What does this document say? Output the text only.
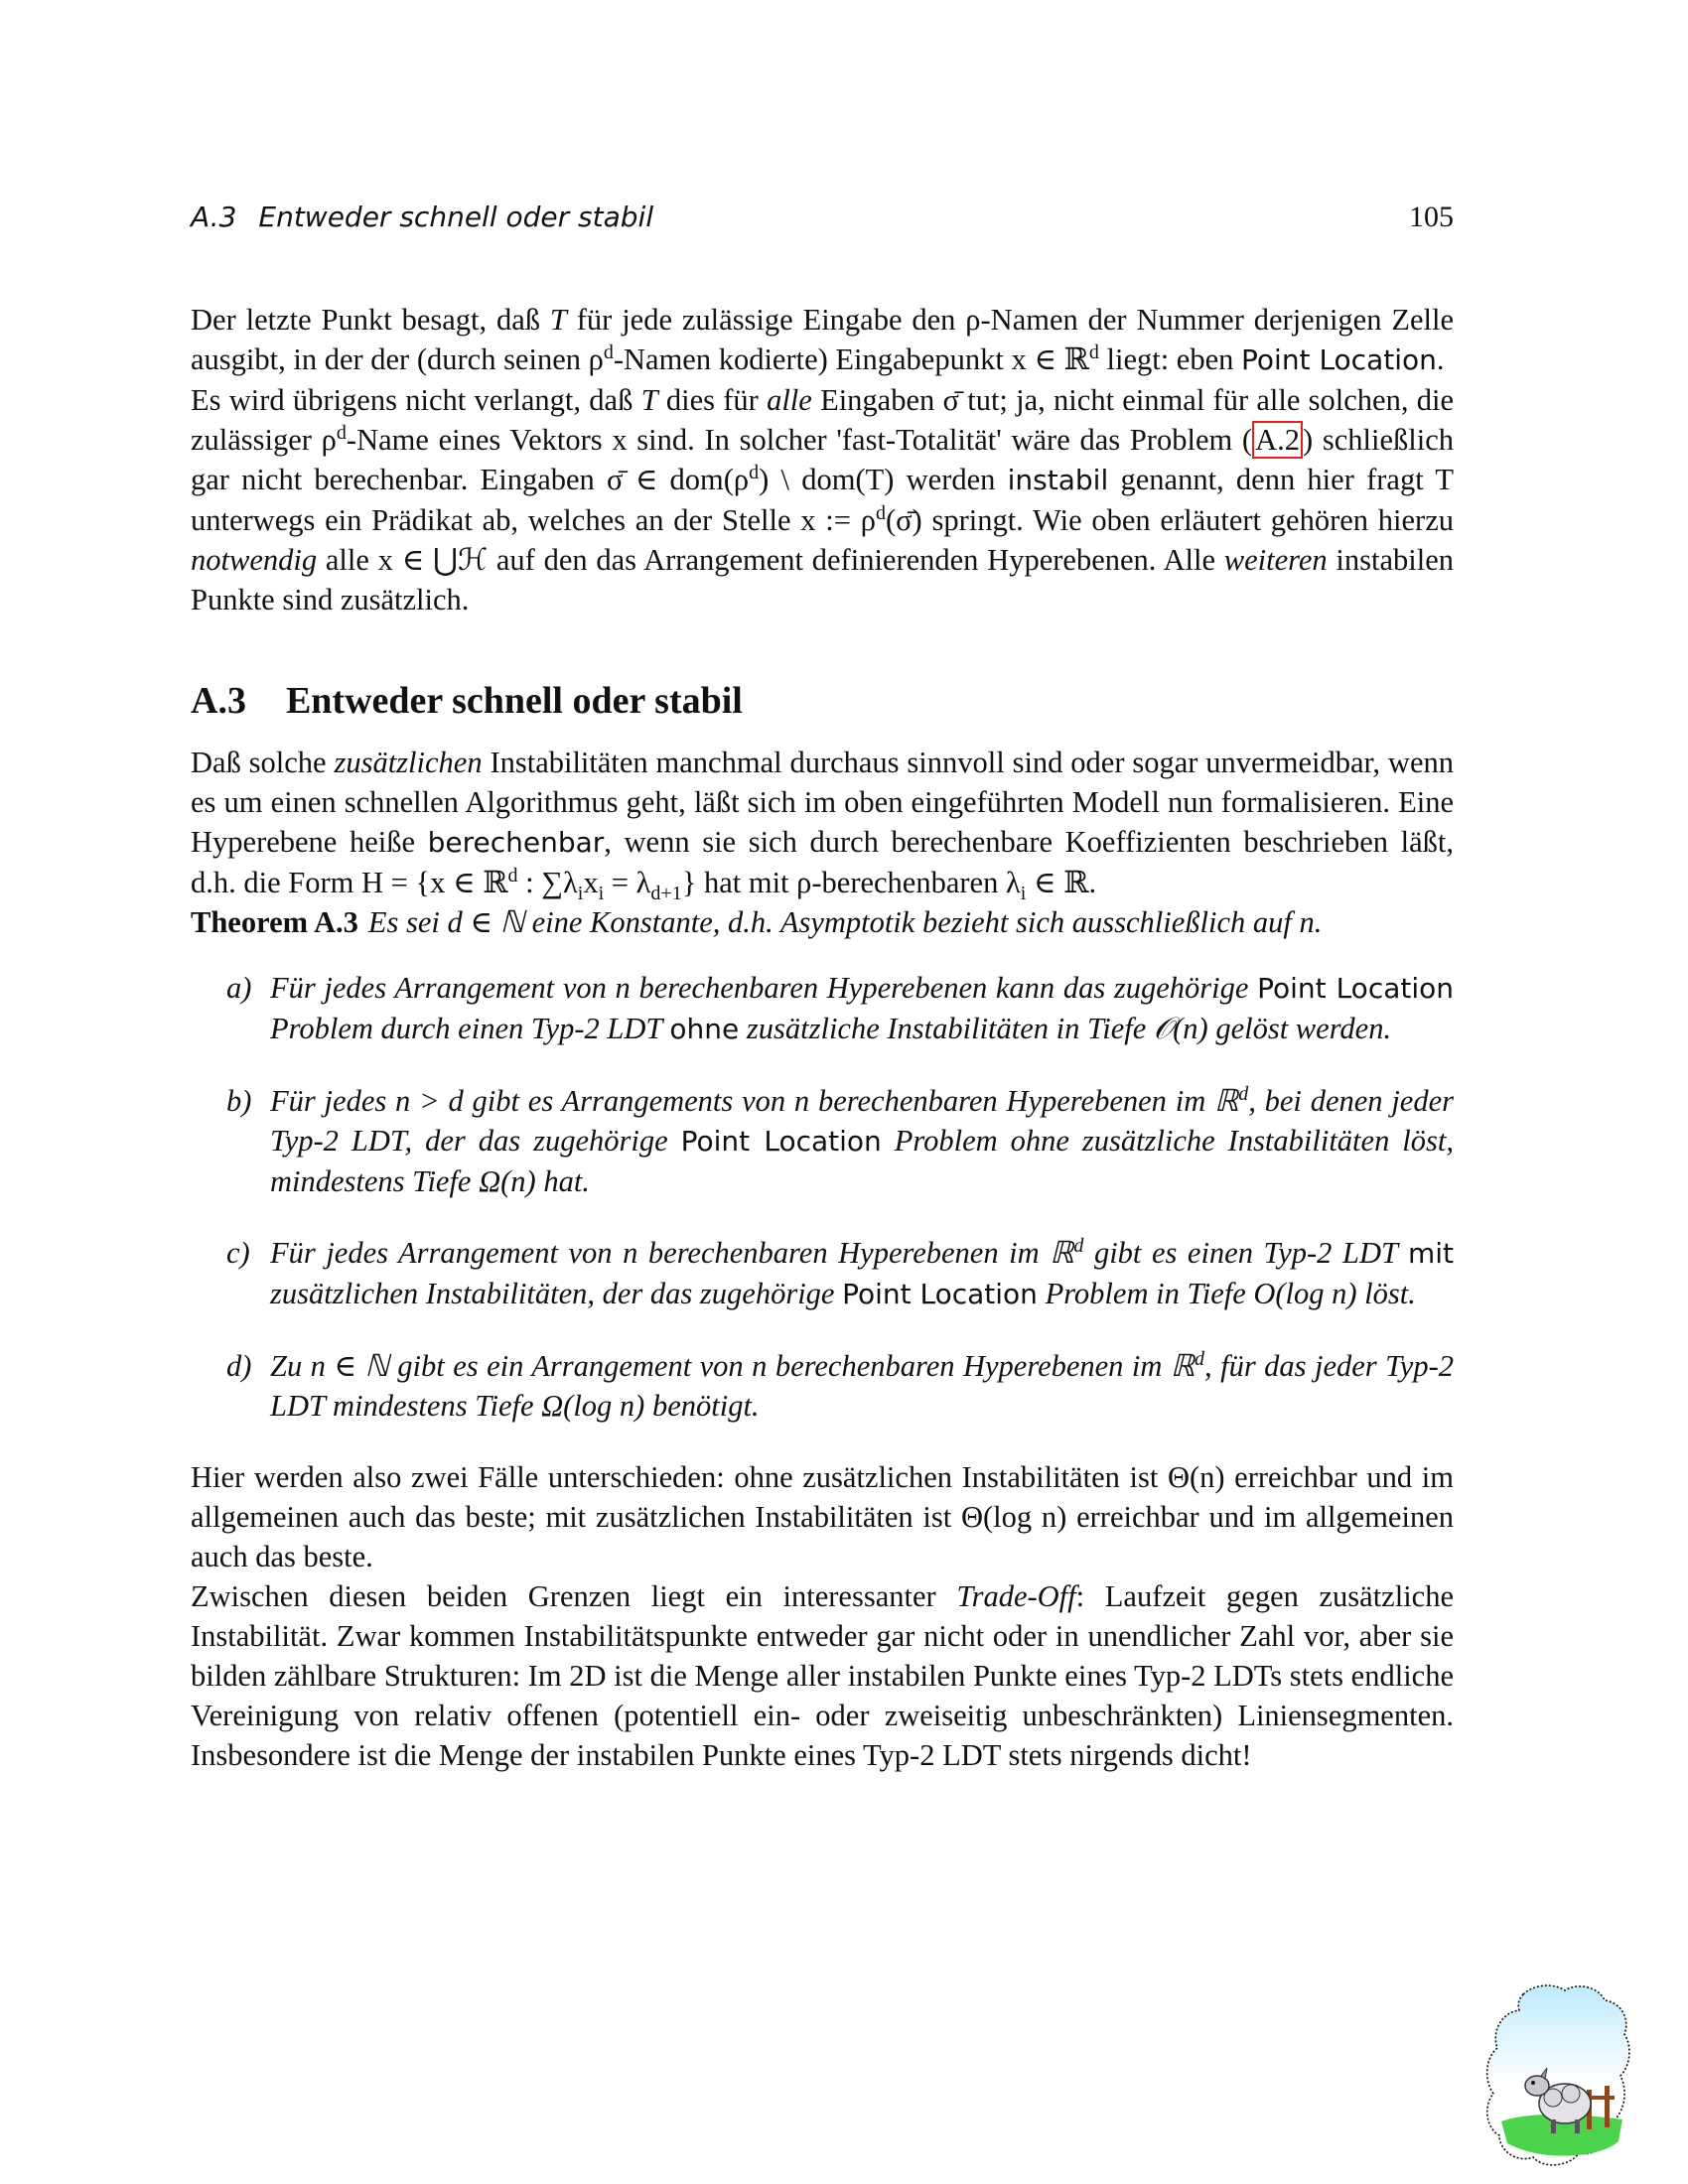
A.3 Entweder schnell oder stabil	105

Der letzte Punkt besagt, daß T für jede zulässige Eingabe den ρ-Namen der Nummer derjenigen Zelle ausgibt, in der der (durch seinen $\rho^d$-Namen kodierte) Eingabepunkt x ∈ ℝ$^d$ liegt: eben Point Location.

Es wird übrigens nicht verlangt, daß T dies für alle Eingaben σ̄ tut; ja, nicht einmal für alle solchen, die zulässiger $\rho^d$-Name eines Vektors x sind. In solcher 'fast-Totalität' wäre das Problem (A.2) schließlich gar nicht berechenbar. Eingaben σ̄ ∈ $dom(\rho^d)$ \ dom(T) werden instabil genannt, denn hier fragt T unterwegs ein Prädikat ab, welches an der Stelle x := $\rho^d(\sigmā)$ springt. Wie oben erläutert gehören hierzu notwendig alle x ∈ ⋃ℋ auf den das Arrangement definierenden Hyperebenen. Alle weiteren instabilen Punkte sind zusätzlich.

A.3 Entweder schnell oder stabil

Daß solche zusätzlichen Instabilitäten manchmal durchaus sinnvoll sind oder sogar unvermeidbar, wenn es um einen schnellen Algorithmus geht, läßt sich im oben eingeführten Modell nun formalisieren. Eine Hyperebene heiße berechenbar, wenn sie sich durch berechenbare Koeffizienten beschrieben läßt, d.h. die Form H = {x ∈ ℝ$^d$ : $\sum\lambda_ix_i = \lambda_{d+1}$} hat mit ρ-berechenbaren $\lambda_i$ ∈ ℝ.

Theorem A.3 Es sei d ∈ ℕ eine Konstante, d.h. Asymptotik bezieht sich ausschließlich auf n.

a) Für jedes Arrangement von n berechenbaren Hyperebenen kann das zugehörige Point Location Problem durch einen Typ-2 LDT ohne zusätzliche Instabilitäten in Tiefe 𝒪(n) gelöst werden.
b) Für jedes n > d gibt es Arrangements von n berechenbaren Hyperebenen im ℝ$^d$, bei denen jeder Typ-2 LDT, der das zugehörige Point Location Problem ohne zusätzliche Instabilitäten löst, mindestens Tiefe Ω(n) hat.
c) Für jedes Arrangement von n berechenbaren Hyperebenen im ℝ$^d$ gibt es einen Typ-2 LDT mit zusätzlichen Instabilitäten, der das zugehörige Point Location Problem in Tiefe O(log n) löst.
d) Zu n ∈ ℕ gibt es ein Arrangement von n berechenbaren Hyperebenen im ℝ$^d$, für das jeder Typ-2 LDT mindestens Tiefe Ω(log n) benötigt.

Hier werden also zwei Fälle unterschieden: ohne zusätzlichen Instabilitäten ist Θ(n) erreichbar und im allgemeinen auch das beste; mit zusätzlichen Instabilitäten ist Θ(log n) erreichbar und im allgemeinen auch das beste.

Zwischen diesen beiden Grenzen liegt ein interessanter Trade-Off: Laufzeit gegen zusätzliche Instabilität. Zwar kommen Instabilitätspunkte entweder gar nicht oder in unendlicher Zahl vor, aber sie bilden zählbare Strukturen: Im 2D ist die Menge aller instabilen Punkte eines Typ-2 LDTs stets endliche Vereinigung von relativ offenen (potentiell ein- oder zweiseitig unbeschränkten) Liniensegmenten. Insbesondere ist die Menge der instabilen Punkte eines Typ-2 LDT stets nirgends dicht!
